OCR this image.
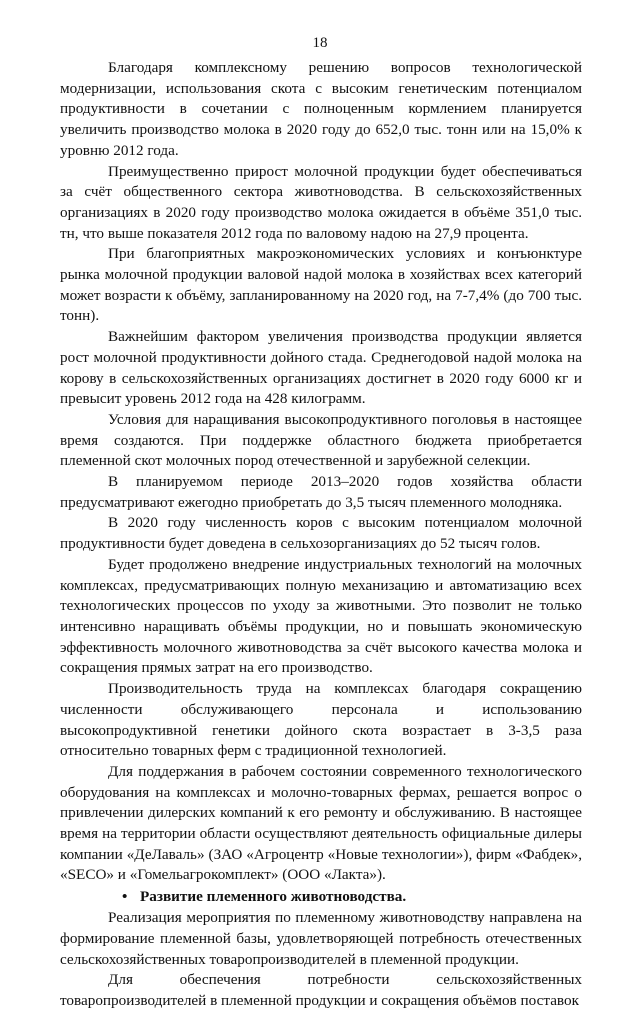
18

Благодаря комплексному решению вопросов технологической модернизации, использования скота с высоким генетическим потенциалом продуктивности в сочетании с полноценным кормлением планируется увеличить производство молока в 2020 году до 652,0 тыс. тонн или на 15,0% к уровню 2012 года.

Преимущественно прирост молочной продукции будет обеспечиваться за счёт общественного сектора животноводства. В сельскохозяйственных организациях в 2020 году производство молока ожидается в объёме 351,0 тыс. тн, что выше показателя 2012 года по валовому надою на 27,9 процента.

При благоприятных макроэкономических условиях и конъюнктуре рынка молочной продукции валовой надой молока в хозяйствах всех категорий может возрасти к объёму, запланированному на 2020 год, на 7-7,4% (до 700 тыс. тонн).

Важнейшим фактором увеличения производства продукции является рост молочной продуктивности дойного стада. Среднегодовой надой молока на корову в сельскохозяйственных организациях достигнет в 2020 году 6000 кг и превысит уровень 2012 года на 428 килограмм.

Условия для наращивания высокопродуктивного поголовья в настоящее время создаются. При поддержке областного бюджета приобретается племенной скот молочных пород отечественной и зарубежной селекции.

В планируемом периоде 2013–2020 годов хозяйства области предусматривают ежегодно приобретать до 3,5 тысяч племенного молодняка.

В 2020 году численность коров с высоким потенциалом молочной продуктивности будет доведена в сельхозорганизациях до 52 тысяч голов.

Будет продолжено внедрение индустриальных технологий на молочных комплексах, предусматривающих полную механизацию и автоматизацию всех технологических процессов по уходу за животными. Это позволит не только интенсивно наращивать объёмы продукции, но и повышать экономическую эффективность молочного животноводства за счёт высокого качества молока и сокращения прямых затрат на его производство.

Производительность труда на комплексах благодаря сокращению численности обслуживающего персонала и использованию высокопродуктивной генетики дойного скота возрастает в 3-3,5 раза относительно товарных ферм с традиционной технологией.

Для поддержания в рабочем состоянии современного технологического оборудования на комплексах и молочно-товарных фермах, решается вопрос о привлечении дилерских компаний к его ремонту и обслуживанию. В настоящее время на территории области осуществляют деятельность официальные дилеры компании «ДеЛаваль» (ЗАО «Агроцентр «Новые технологии»), фирм «Фабдек», «SECO» и «Гомельагрокомплект» (ООО «Лакта»).

• Развитие племенного животноводства.

Реализация мероприятия по племенному животноводству направлена на формирование племенной базы, удовлетворяющей потребность отечественных сельскохозяйственных товаропроизводителей в племенной продукции.

Для обеспечения потребности сельскохозяйственных товаропроизводителей в племенной продукции и сокращения объёмов поставок
